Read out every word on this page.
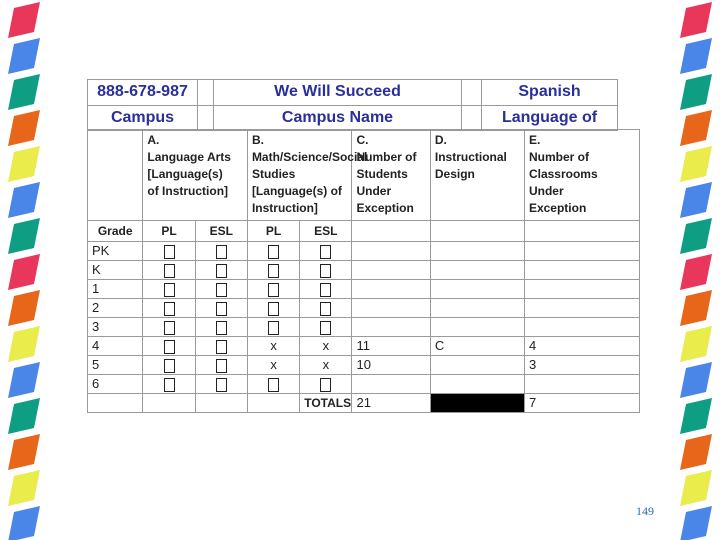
888-678-987		We Will Succeed		Spanish
Campus		Campus Name		Language of
	A.
Language Arts
[Language(s)
of Instruction]		B.
Math/Science/Social
Studies
[Language(s) of
Instruction]		C.
Number of
Students
Under
Exception	D.
Instructional
Design	E.
Number of
Classrooms
Under
Exception
Grade	PL	ESL	PL	ESL			
PK							
K							
1							
2							
3							
4			x	x	11	C	4
5			x	x	10		3
6							
				TOTALS	21		7
149
